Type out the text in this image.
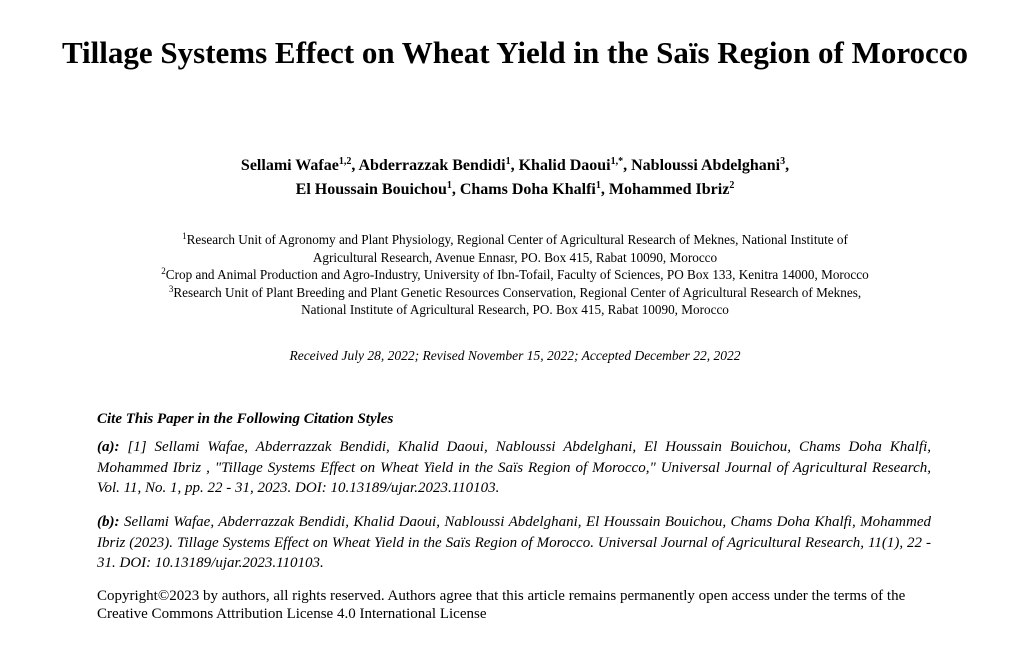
Tillage Systems Effect on Wheat Yield in the Saïs Region of Morocco
Sellami Wafae$^{1,2}$, Abderrazzak Bendidi$^1$, Khalid Daoui$^{1,*}$, Nabloussi Abdelghani$^3$,
El Houssain Bouichou$^1$, Chams Doha Khalfi$^1$, Mohammed Ibriz$^2$
$^1$Research Unit of Agronomy and Plant Physiology, Regional Center of Agricultural Research of Meknes, National Institute of
Agricultural Research, Avenue Ennasr, PO. Box 415, Rabat 10090, Morocco
$^2$Crop and Animal Production and Agro-Industry, University of Ibn-Tofail, Faculty of Sciences, PO Box 133, Kenitra 14000, Morocco
$^3$Research Unit of Plant Breeding and Plant Genetic Resources Conservation, Regional Center of Agricultural Research of Meknes,
National Institute of Agricultural Research, PO. Box 415, Rabat 10090, Morocco
Received July 28, 2022; Revised November 15, 2022; Accepted December 22, 2022
Cite This Paper in the Following Citation Styles
(a): [1] Sellami Wafae, Abderrazzak Bendidi, Khalid Daoui, Nabloussi Abdelghani, El Houssain Bouichou, Chams Doha Khalfi, Mohammed Ibriz , "Tillage Systems Effect on Wheat Yield in the Saïs Region of Morocco," Universal Journal of Agricultural Research, Vol. 11, No. 1, pp. 22 - 31, 2023. DOI: 10.13189/ujar.2023.110103.
(b): Sellami Wafae, Abderrazzak Bendidi, Khalid Daoui, Nabloussi Abdelghani, El Houssain Bouichou, Chams Doha Khalfi, Mohammed Ibriz (2023). Tillage Systems Effect on Wheat Yield in the Saïs Region of Morocco. Universal Journal of Agricultural Research, 11(1), 22 - 31. DOI: 10.13189/ujar.2023.110103.
Copyright©2023 by authors, all rights reserved. Authors agree that this article remains permanently open access under the terms of the Creative Commons Attribution License 4.0 International License
